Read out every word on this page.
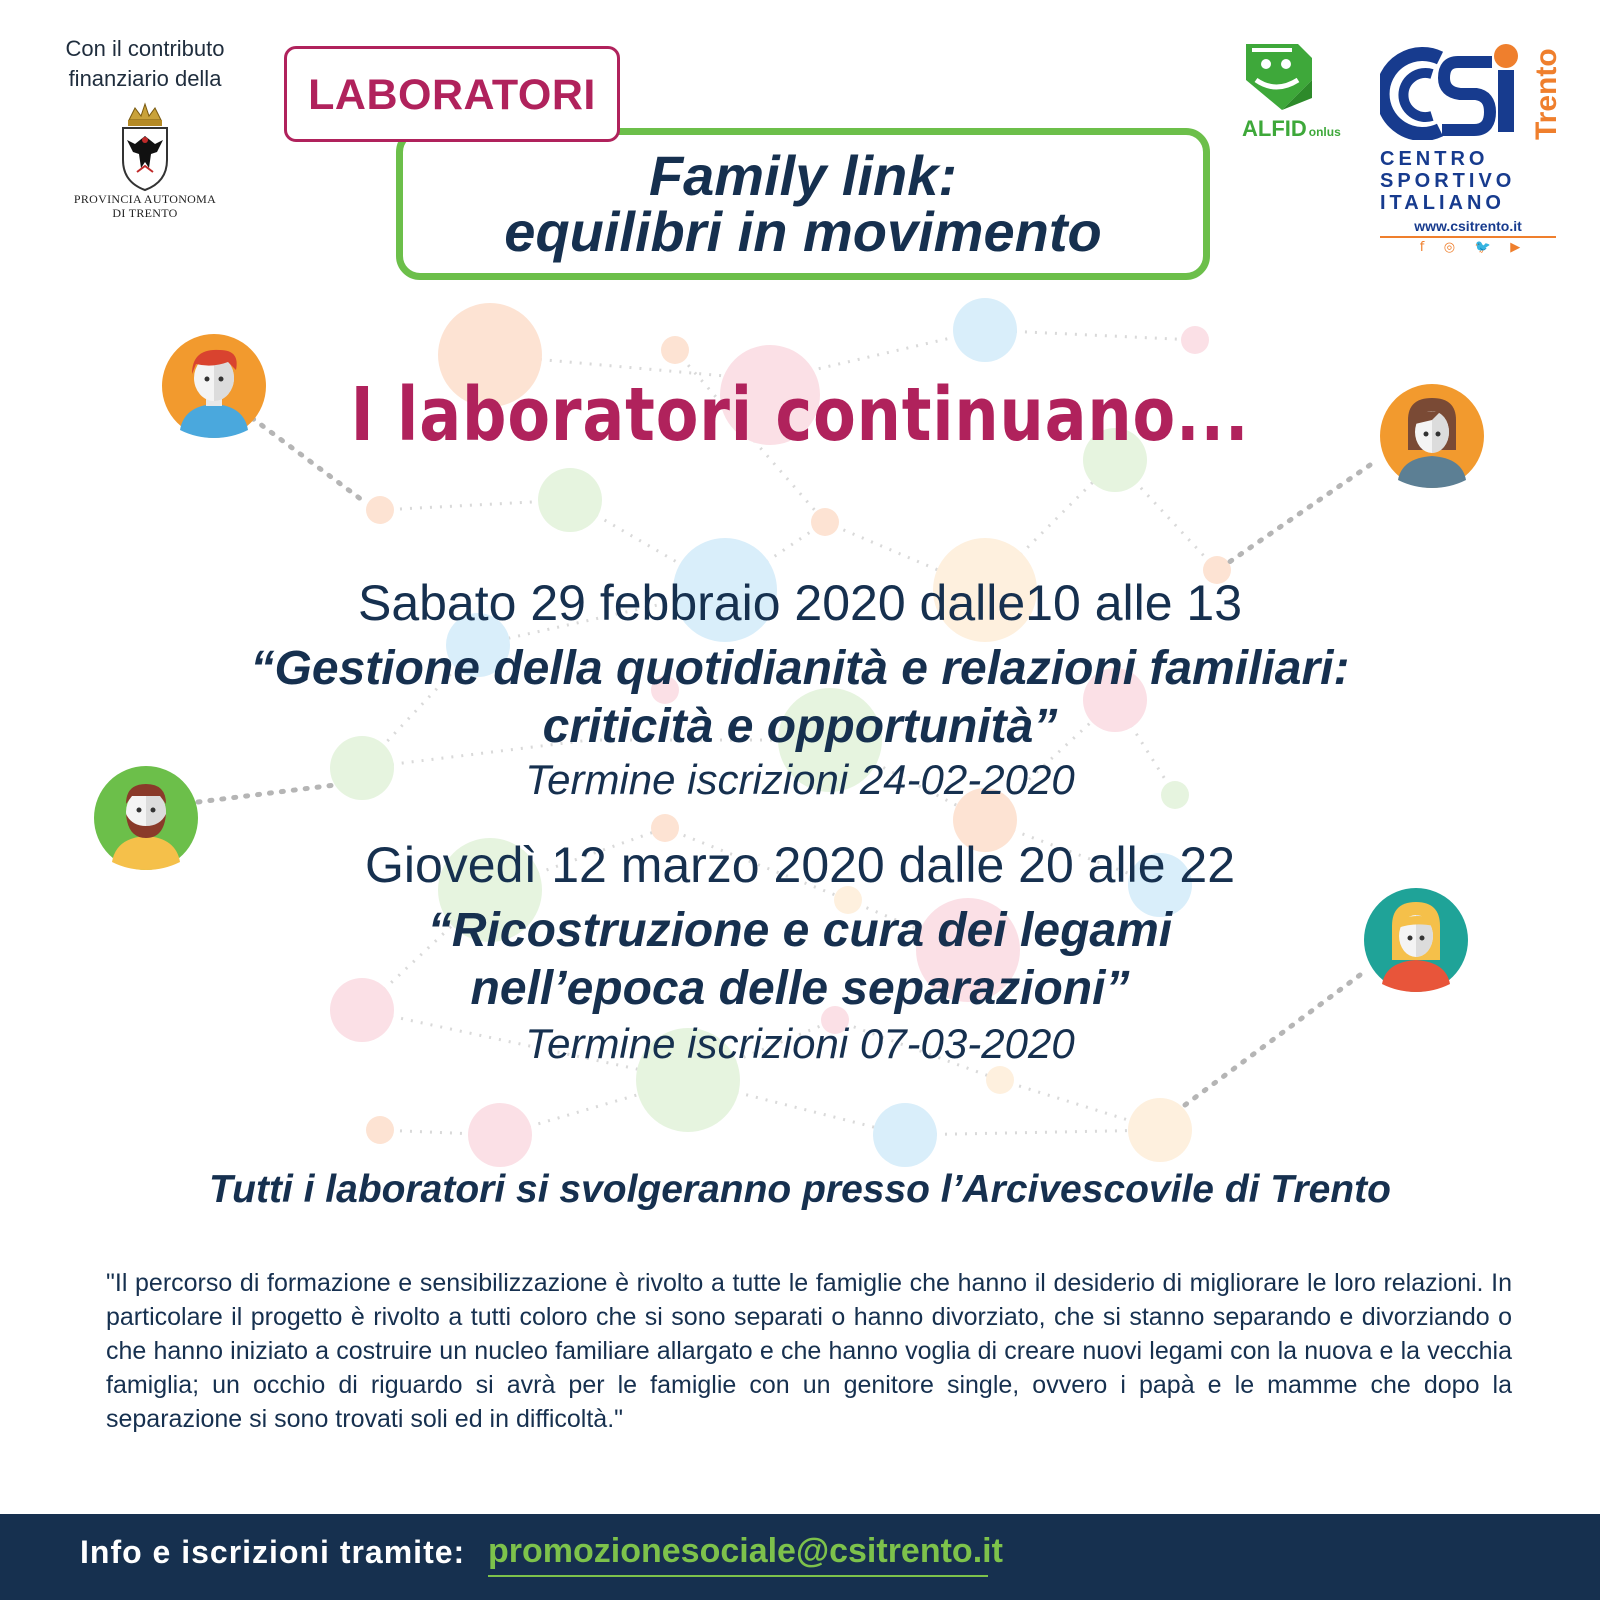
Con il contributo
finanziario della
PROVINCIA AUTONOMA
DI TRENTO
LABORATORI
Family link:
equilibri in movimento
ALFID onlus	Trento
CENTRO
SPORTIVO
ITALIANO
www.csitrento.it
f ◎ 🐦 ▶
I laboratori continuano...
Sabato 29 febbraio 2020 dalle10 alle 13
“Gestione della quotidianità e relazioni familiari:
criticità e opportunità”
Termine iscrizioni 24-02-2020
Giovedì 12 marzo 2020 dalle 20 alle 22
“Ricostruzione e cura dei legami
nell’epoca delle separazioni”
Termine iscrizioni 07-03-2020
Tutti i laboratori si svolgeranno presso l’Arcivescovile di Trento
"Il percorso di formazione e sensibilizzazione è rivolto a tutte le famiglie che hanno il desiderio di migliorare le loro relazioni. In particolare il progetto è rivolto a tutti coloro che si sono separati o hanno divorziato, che si stanno separando e divorziando o che hanno iniziato a costruire un nucleo familiare allargato e che hanno voglia di creare nuovi legami con la nuova e la vecchia famiglia; un occhio di riguardo si avrà per le famiglie con un genitore single, ovvero i papà e le mamme che dopo la separazione si sono trovati soli ed in difficoltà."
Info e iscrizioni tramite: promozionesociale@csitrento.it
